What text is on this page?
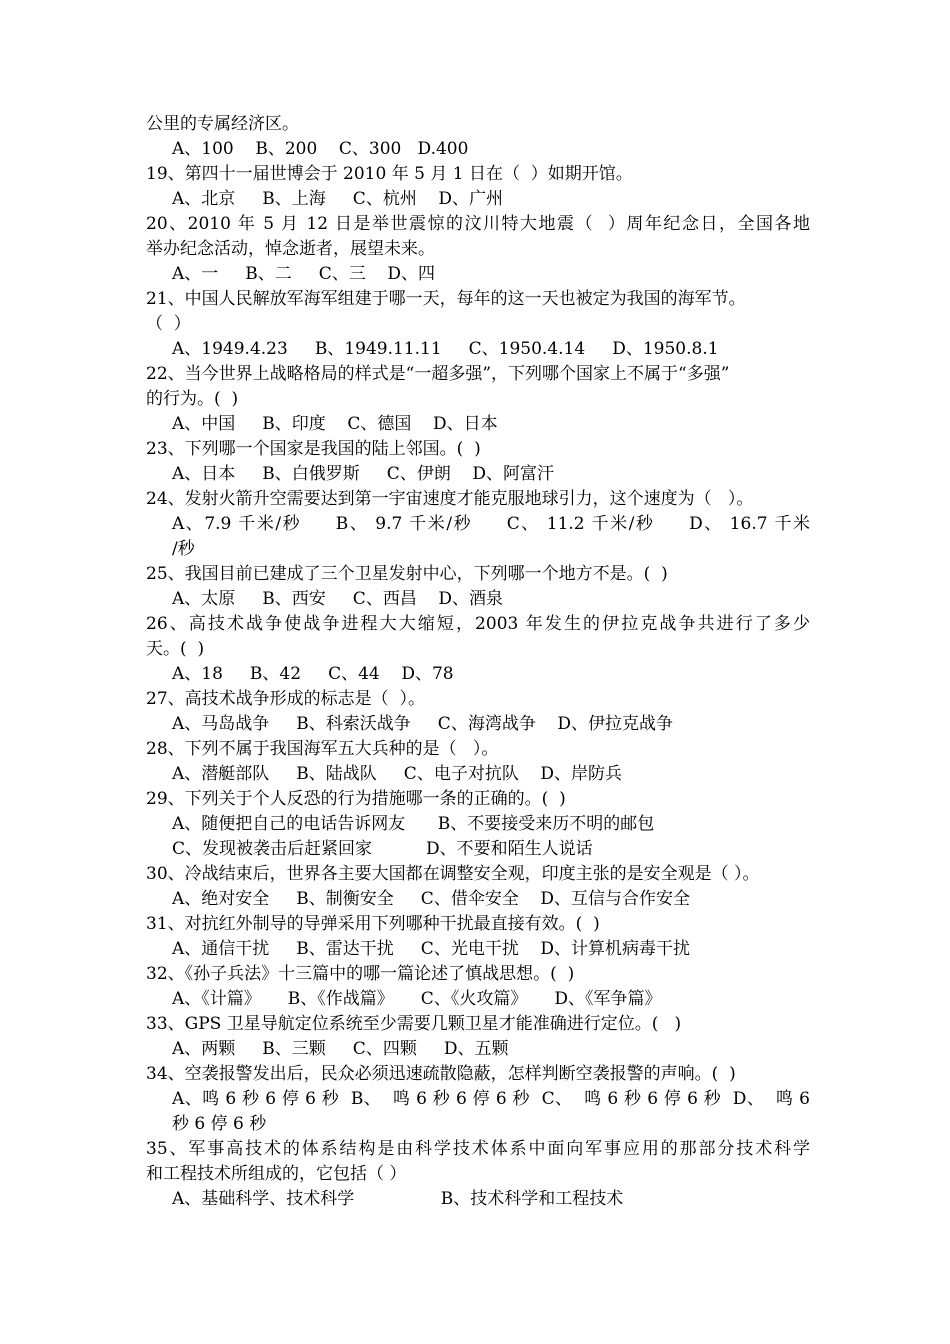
公里的专属经济区。
A、100    B、200    C、300   D.400
19、第四十一届世博会于 2010 年 5 月 1 日在（  ）如期开馆。
A、北京     B、上海     C、杭州    D、广州
20、2010 年 5 月 12 日是举世震惊的汶川特大地震（  ）周年纪念日，全国各地
举办纪念活动，悼念逝者，展望未来。
A、一     B、二     C、三    D、四
21、中国人民解放军海军组建于哪一天，每年的这一天也被定为我国的海军节。
（  ）
A、1949.4.23     B、1949.11.11     C、1950.4.14     D、1950.8.1
22、当今世界上战略格局的样式是“一超多强”，下列哪个国家上不属于“多强”
的行为。(  )
A、中国     B、印度    C、德国    D、日本
23、下列哪一个国家是我国的陆上邻国。(  )
A、日本     B、白俄罗斯     C、伊朗    D、阿富汗
24、发射火箭升空需要达到第一宇宙速度才能克服地球引力，这个速度为（   ）。
A、7.9 千米/秒     B、 9.7 千米/秒     C、 11.2 千米/秒     D、 16.7 千米
/秒
25、我国目前已建成了三个卫星发射中心，下列哪一个地方不是。(  )
A、太原     B、西安     C、西昌    D、酒泉
26、高技术战争使战争进程大大缩短，2003 年发生的伊拉克战争共进行了多少
天。(  )
A、18     B、42     C、44    D、78
27、高技术战争形成的标志是（  ）。
A、马岛战争     B、科索沃战争     C、海湾战争    D、伊拉克战争
28、下列不属于我国海军五大兵种的是（   ）。
A、潜艇部队     B、陆战队     C、电子对抗队    D、岸防兵
29、下列关于个人反恐的行为措施哪一条的正确的。(  )
A、随便把自己的电话告诉网友      B、不要接受来历不明的邮包
C、发现被袭击后赶紧回家          D、不要和陌生人说话
30、冷战结束后，世界各主要大国都在调整安全观，印度主张的是安全观是（ ）。
A、绝对安全     B、制衡安全     C、借伞安全    D、互信与合作安全
31、对抗红外制导的导弹采用下列哪种干扰最直接有效。(  )
A、通信干扰     B、雷达干扰     C、光电干扰    D、计算机病毒干扰
32、《孙子兵法》十三篇中的哪一篇论述了慎战思想。(  )
A、《计篇》     B、《作战篇》     C、《火攻篇》     D、《军争篇》
33、GPS 卫星导航定位系统至少需要几颗卫星才能准确进行定位。(   )
A、两颗     B、三颗     C、四颗     D、五颗
34、空袭报警发出后，民众必须迅速疏散隐蔽，怎样判断空袭报警的声响。(  )
A、鸣 6 秒 6 停 6 秒  B、  鸣 6 秒 6 停 6 秒  C、  鸣 6 秒 6 停 6 秒  D、  鸣 6
秒 6 停 6 秒
35、军事高技术的体系结构是由科学技术体系中面向军事应用的那部分技术科学
和工程技术所组成的，它包括（ ）
A、基础科学、技术科学                B、技术科学和工程技术
